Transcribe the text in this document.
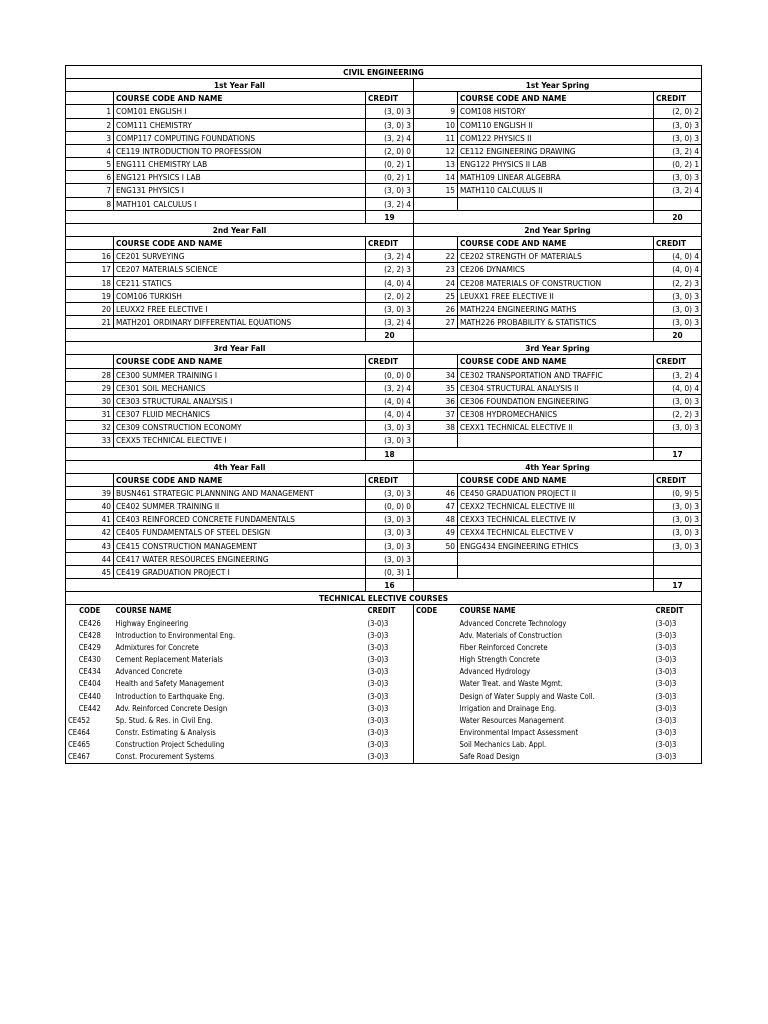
CIVIL ENGINEERING					
1st Year Fall			1st Year Spring		
	COURSE CODE AND NAME	CREDIT		COURSE CODE AND NAME	CREDIT
1	COM101 ENGLISH I	(3, 0) 3	9	COM108 HISTORY	(2, 0) 2
2	COM111 CHEMISTRY	(3, 0) 3	10	COM110 ENGLISH II	(3, 0) 3
3	COMP117 COMPUTING FOUNDATIONS	(3, 2) 4	11	COM122 PHYSICS II	(3, 0) 3
4	CE119 INTRODUCTION TO PROFESSION	(2, 0) 0	12	CE112 ENGINEERING DRAWING	(3, 2) 4
5	ENG111 CHEMISTRY LAB	(0, 2) 1	13	ENG122 PHYSICS II LAB	(0, 2) 1
6	ENG121 PHYSICS I LAB	(0, 2) 1	14	MATH109 LINEAR ALGEBRA	(3, 0) 3
7	ENG131 PHYSICS I	(3, 0) 3	15	MATH110 CALCULUS II	(3, 2) 4
8	MATH101 CALCULUS I	(3, 2) 4			
		19			20
2nd Year Fall			2nd Year Spring		
	COURSE CODE AND NAME	CREDIT		COURSE CODE AND NAME	CREDIT
16	CE201 SURVEYING	(3, 2) 4	22	CE202 STRENGTH OF MATERIALS	(4, 0) 4
17	CE207 MATERIALS SCIENCE	(2, 2) 3	23	CE206 DYNAMICS	(4, 0) 4
18	CE211 STATICS	(4, 0) 4	24	CE208 MATERIALS OF CONSTRUCTION	(2, 2) 3
19	COM106 TURKISH	(2, 0) 2	25	LEUXX1 FREE ELECTIVE II	(3, 0) 3
20	LEUXX2 FREE ELECTIVE I	(3, 0) 3	26	MATH224 ENGINEERING MATHS	(3, 0) 3
21	MATH201 ORDINARY DIFFERENTIAL EQUATIONS	(3, 2) 4	27	MATH226 PROBABILITY & STATISTICS	(3, 0) 3
		20			20
3rd Year Fall			3rd Year Spring		
	COURSE CODE AND NAME	CREDIT		COURSE CODE AND NAME	CREDIT
28	CE300 SUMMER TRAINING I	(0, 0) 0	34	CE302 TRANSPORTATION AND TRAFFIC	(3, 2) 4
29	CE301 SOIL MECHANICS	(3, 2) 4	35	CE304 STRUCTURAL ANALYSIS II	(4, 0) 4
30	CE303 STRUCTURAL ANALYSIS I	(4, 0) 4	36	CE306 FOUNDATION ENGINEERING	(3, 0) 3
31	CE307 FLUID MECHANICS	(4, 0) 4	37	CE308 HYDROMECHANICS	(2, 2) 3
32	CE309 CONSTRUCTION ECONOMY	(3, 0) 3	38	CEXX1 TECHNICAL ELECTIVE II	(3, 0) 3
33	CEXX5 TECHNICAL ELECTIVE I	(3, 0) 3			
		18			17
4th Year Fall			4th Year Spring		
	COURSE CODE AND NAME	CREDIT		COURSE CODE AND NAME	CREDIT
39	BUSN461 STRATEGIC PLANNNING AND MANAGEMENT	(3, 0) 3	46	CE450 GRADUATION PROJECT II	(0, 9) 5
40	CE402 SUMMER TRAINING II	(0, 0) 0	47	CEXX2 TECHNICAL ELECTIVE III	(3, 0) 3
41	CE403 REINFORCED CONCRETE FUNDAMENTALS	(3, 0) 3	48	CEXX3 TECHNICAL ELECTIVE IV	(3, 0) 3
42	CE405 FUNDAMENTALS OF STEEL DESIGN	(3, 0) 3	49	CEXX4 TECHNICAL ELECTIVE V	(3, 0) 3
43	CE415 CONSTRUCTION MANAGEMENT	(3, 0) 3	50	ENGG434 ENGINEERING ETHICS	(3, 0) 3
44	CE417 WATER RESOURCES ENGINEERING	(3, 0) 3			
45	CE419 GRADUATION PROJECT I	(0, 3) 1			
		16			17
TECHNICAL ELECTIVE COURSES					
CODE	COURSE NAME	CREDIT	CODE	COURSE NAME	CREDIT
CE426	Highway Engineering	(3-0)3		Advanced Concrete Technology	(3-0)3
CE428	Introduction to Environmental Eng.	(3-0)3		Adv. Materials of Construction	(3-0)3
CE429	Admixtures for Concrete	(3-0)3		Fiber Reinforced Concrete	(3-0)3
CE430	Cement Replacement Materials	(3-0)3		High Strength Concrete	(3-0)3
CE434	Advanced Concrete	(3-0)3		Advanced Hydrology	(3-0)3
CE404	Health and Safety Management	(3-0)3		Water Treat. and Waste Mgmt.	(3-0)3
CE440	Introduction to Earthquake Eng.	(3-0)3		Design of Water Supply and Waste Coll.	(3-0)3
CE442	Adv. Reinforced Concrete Design	(3-0)3		Irrigation and Drainage Eng.	(3-0)3
CE452	Sp. Stud. & Res. in Civil Eng.	(3-0)3		Water Resources Management	(3-0)3
CE464	Constr. Estimating & Analysis	(3-0)3		Environmental Impact Assessment	(3-0)3
CE465	Construction Project Scheduling	(3-0)3		Soil Mechanics Lab. Appl.	(3-0)3
CE467	Const. Procurement Systems	(3-0)3		Safe Road Design	(3-0)3
